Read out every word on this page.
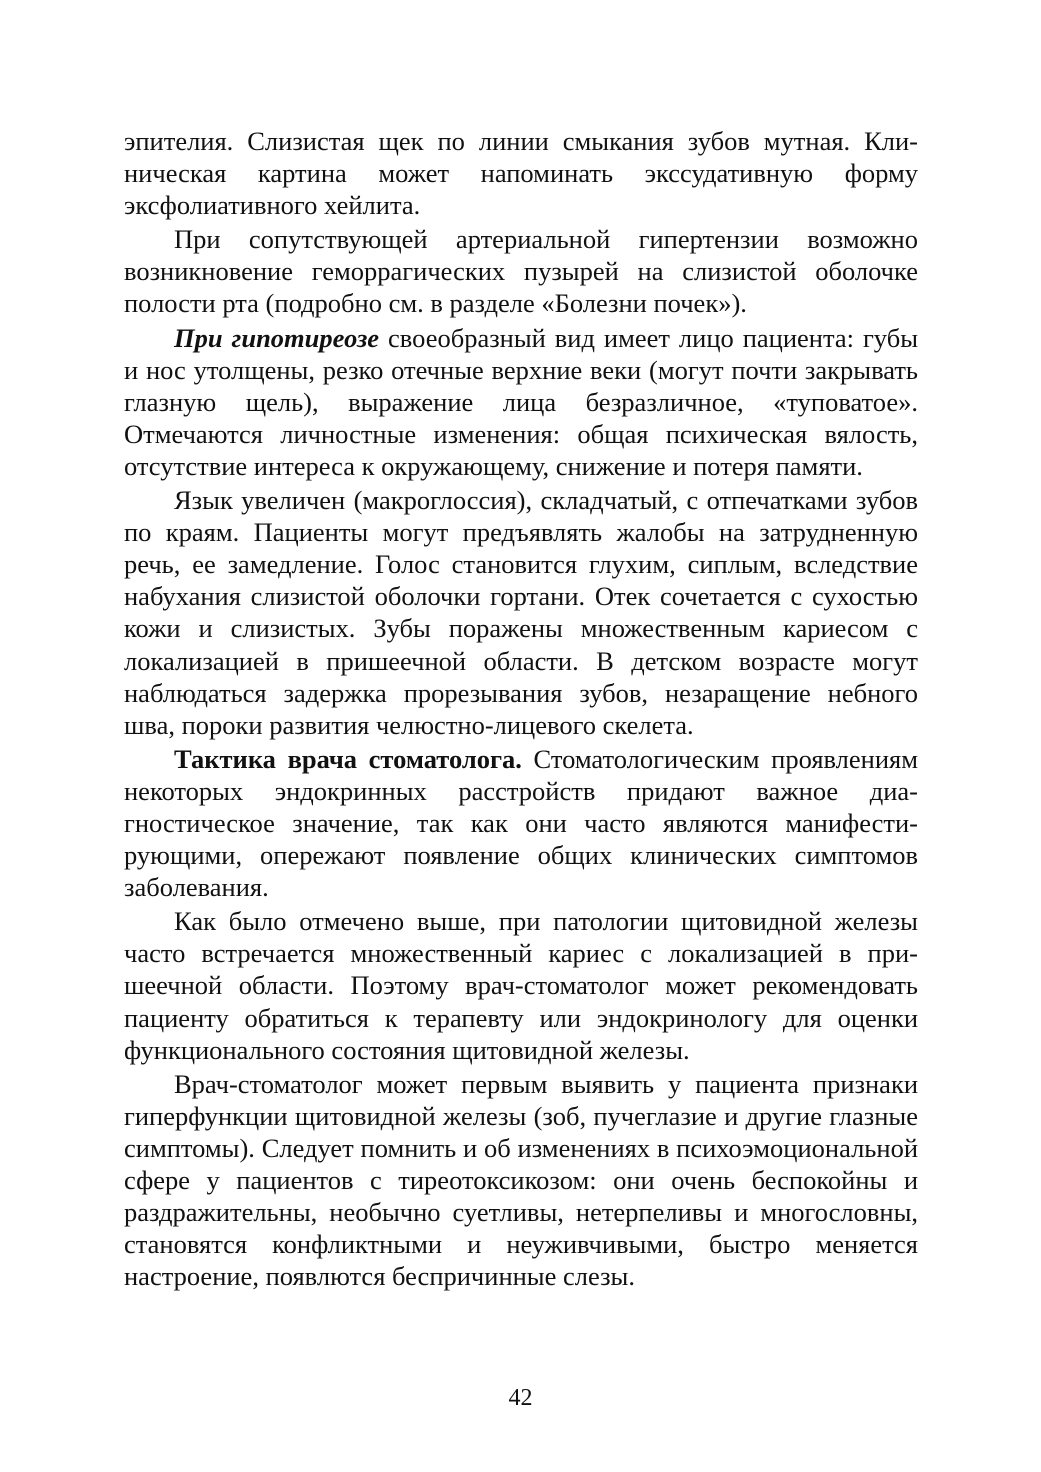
эпителия. Слизистая щек по линии смыкания зубов мутная. Клиническая картина может напоминать экссудативную форму эксфолиативного хейлита.

При сопутствующей артериальной гипертензии возможно возникновение геморрагических пузырей на слизистой оболочке полости рта (подробно см. в разделе «Болезни почек»).

При гипотиреозе своеобразный вид имеет лицо пациента: губы и нос утолщены, резко отечные верхние веки (могут почти закрывать глазную щель), выражение лица безразличное, «туповатое». Отмечаются личностные изменения: общая психическая вялость, отсутствие интереса к окружающему, снижение и потеря памяти.

Язык увеличен (макроглоссия), складчатый, с отпечатками зубов по краям. Пациенты могут предъявлять жалобы на затрудненную речь, ее замедление. Голос становится глухим, сиплым, вследствие набухания слизистой оболочки гортани. Отек сочетается с сухостью кожи и слизистых. Зубы поражены множественным кариесом с локализацией в пришеечной области. В детском возрасте могут наблюдаться задержка прорезывания зубов, незаращение небного шва, пороки развития челюстно-лицевого скелета.

Тактика врача стоматолога. Стоматологическим проявлениям некоторых эндокринных расстройств придают важное диагностическое значение, так как они часто являются манифестирующими, опережают появление общих клинических симптомов заболевания.

Как было отмечено выше, при патологии щитовидной железы часто встречается множественный кариес с локализацией в пришеечной области. Поэтому врач-стоматолог может рекомендовать пациенту обратиться к терапевту или эндокринологу для оценки функционального состояния щитовидной железы.

Врач-стоматолог может первым выявить у пациента признаки гиперфункции щитовидной железы (зоб, пучеглазие и другие глазные симптомы). Следует помнить и об изменениях в психоэмоциональной сфере у пациентов с тиреотоксикозом: они очень беспокойны и раздражительны, необычно суетливы, нетерпеливы и многословны, становятся конфликтными и неуживчивыми, быстро меняется настроение, появлются беспричинные слезы.

42
